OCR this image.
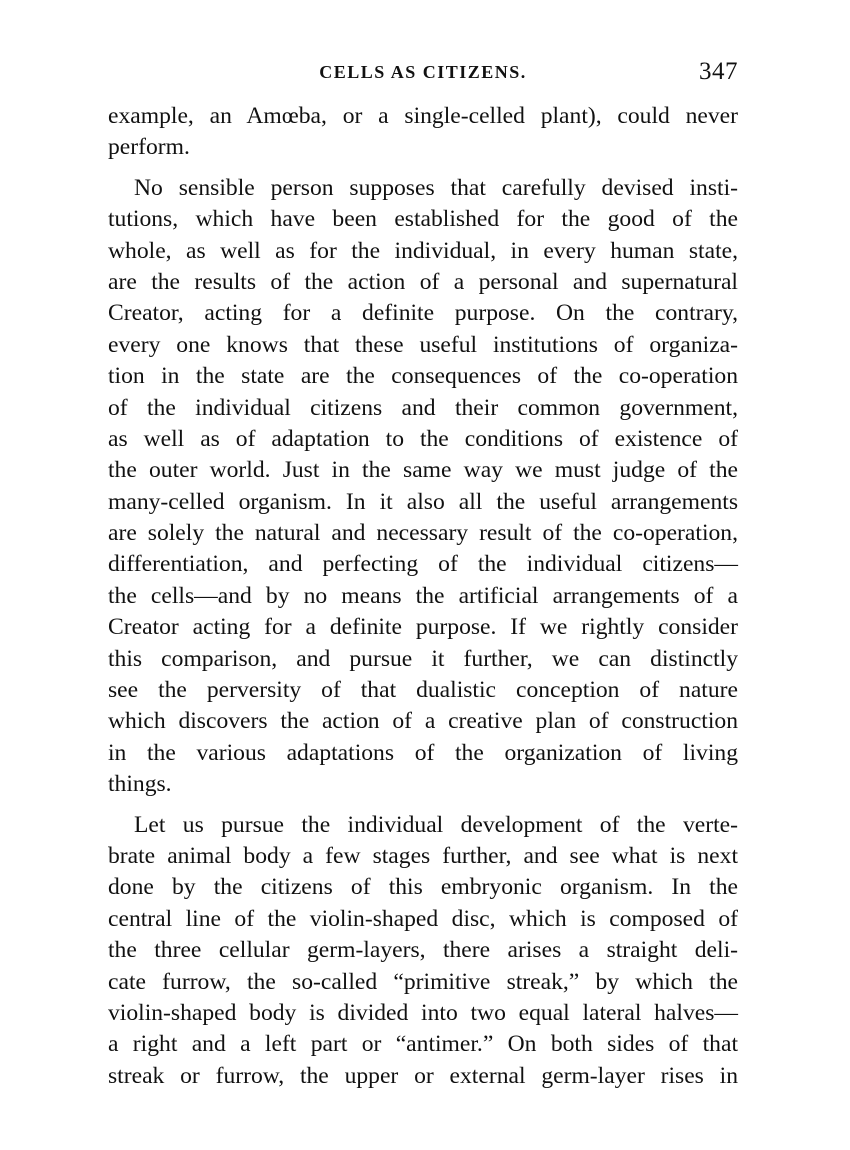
CELLS AS CITIZENS.	347
example, an Amœba, or a single-celled plant), could never
perform.
No sensible person supposes that carefully devised insti-
tutions, which have been established for the good of the
whole, as well as for the individual, in every human state,
are the results of the action of a personal and supernatural
Creator, acting for a definite purpose. On the contrary,
every one knows that these useful institutions of organiza-
tion in the state are the consequences of the co-operation
of the individual citizens and their common government,
as well as of adaptation to the conditions of existence of
the outer world. Just in the same way we must judge of the
many-celled organism. In it also all the useful arrangements
are solely the natural and necessary result of the co-operation,
differentiation, and perfecting of the individual citizens—
the cells—and by no means the artificial arrangements of a
Creator acting for a definite purpose. If we rightly consider
this comparison, and pursue it further, we can distinctly
see the perversity of that dualistic conception of nature
which discovers the action of a creative plan of construction
in the various adaptations of the organization of living
things.
Let us pursue the individual development of the verte-
brate animal body a few stages further, and see what is next
done by the citizens of this embryonic organism. In the
central line of the violin-shaped disc, which is composed of
the three cellular germ-layers, there arises a straight deli-
cate furrow, the so-called “primitive streak,” by which the
violin-shaped body is divided into two equal lateral halves—
a right and a left part or “antimer.” On both sides of that
streak or furrow, the upper or external germ-layer rises in
